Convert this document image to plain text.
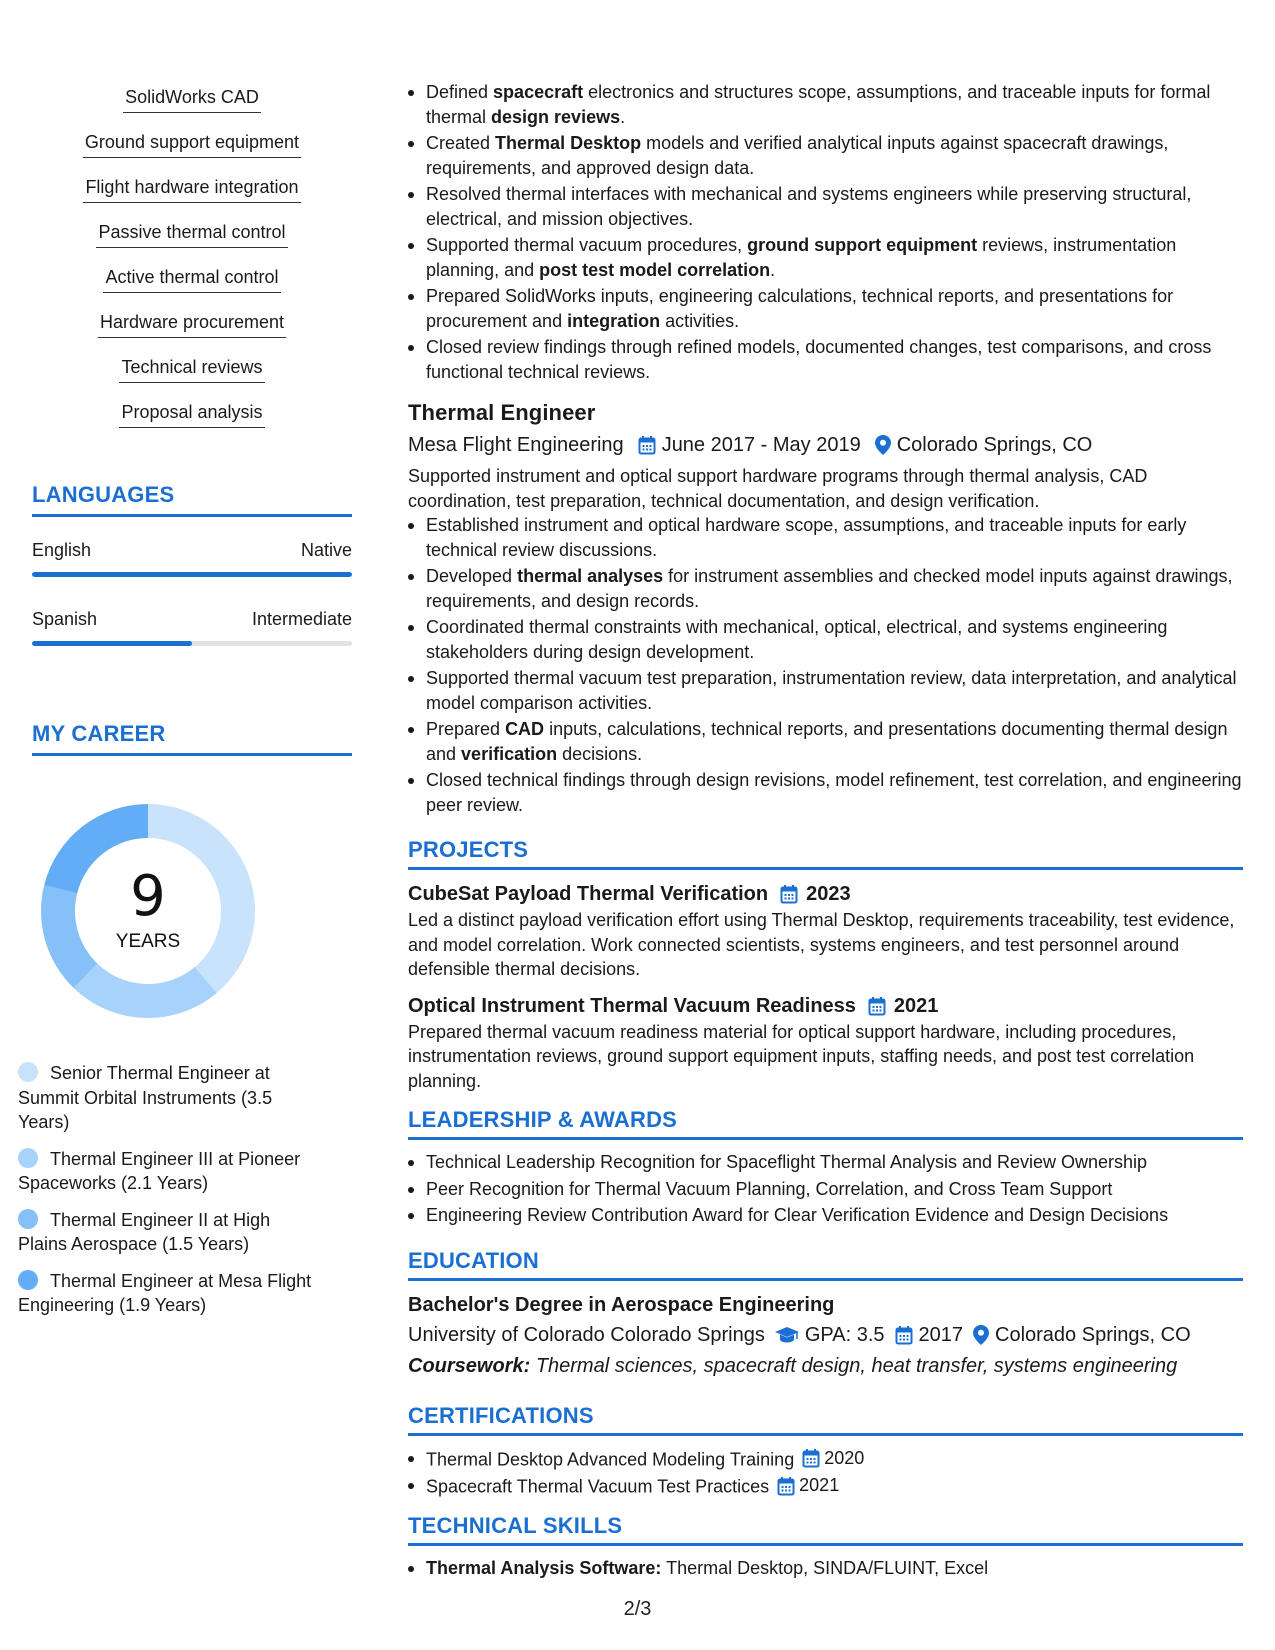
SolidWorks CAD
Ground support equipment
Flight hardware integration
Passive thermal control
Active thermal control
Hardware procurement
Technical reviews
Proposal analysis
LANGUAGES
English	Native
Spanish	Intermediate
MY CAREER
9
YEARS
Senior Thermal Engineer at Summit Orbital Instruments (3.5 Years)
Thermal Engineer III at Pioneer Spaceworks (2.1 Years)
Thermal Engineer II at High Plains Aerospace (1.5 Years)
Thermal Engineer at Mesa Flight Engineering (1.9 Years)
Defined spacecraft electronics and structures scope, assumptions, and traceable inputs for formal thermal design reviews.
Created Thermal Desktop models and verified analytical inputs against spacecraft drawings, requirements, and approved design data.
Resolved thermal interfaces with mechanical and systems engineers while preserving structural, electrical, and mission objectives.
Supported thermal vacuum procedures, ground support equipment reviews, instrumentation planning, and post test model correlation.
Prepared SolidWorks inputs, engineering calculations, technical reports, and presentations for procurement and integration activities.
Closed review findings through refined models, documented changes, test comparisons, and cross functional technical reviews.
Thermal Engineer
Mesa Flight Engineering June 2017 - May 2019 Colorado Springs, CO
Supported instrument and optical support hardware programs through thermal analysis, CAD coordination, test preparation, technical documentation, and design verification.
Established instrument and optical hardware scope, assumptions, and traceable inputs for early technical review discussions.
Developed thermal analyses for instrument assemblies and checked model inputs against drawings, requirements, and design records.
Coordinated thermal constraints with mechanical, optical, electrical, and systems engineering stakeholders during design development.
Supported thermal vacuum test preparation, instrumentation review, data interpretation, and analytical model comparison activities.
Prepared CAD inputs, calculations, technical reports, and presentations documenting thermal design and verification decisions.
Closed technical findings through design revisions, model refinement, test correlation, and engineering peer review.
PROJECTS
CubeSat Payload Thermal Verification 2023
Led a distinct payload verification effort using Thermal Desktop, requirements traceability, test evidence, and model correlation. Work connected scientists, systems engineers, and test personnel around defensible thermal decisions.
Optical Instrument Thermal Vacuum Readiness 2021
Prepared thermal vacuum readiness material for optical support hardware, including procedures, instrumentation reviews, ground support equipment inputs, staffing needs, and post test correlation planning.
LEADERSHIP & AWARDS
Technical Leadership Recognition for Spaceflight Thermal Analysis and Review Ownership
Peer Recognition for Thermal Vacuum Planning, Correlation, and Cross Team Support
Engineering Review Contribution Award for Clear Verification Evidence and Design Decisions
EDUCATION
Bachelor's Degree in Aerospace Engineering
University of Colorado Colorado Springs GPA: 3.5 2017 Colorado Springs, CO
Coursework: Thermal sciences, spacecraft design, heat transfer, systems engineering
CERTIFICATIONS
Thermal Desktop Advanced Modeling Training 2020
Spacecraft Thermal Vacuum Test Practices 2021
TECHNICAL SKILLS
Thermal Analysis Software: Thermal Desktop, SINDA/FLUINT, Excel
2/3
